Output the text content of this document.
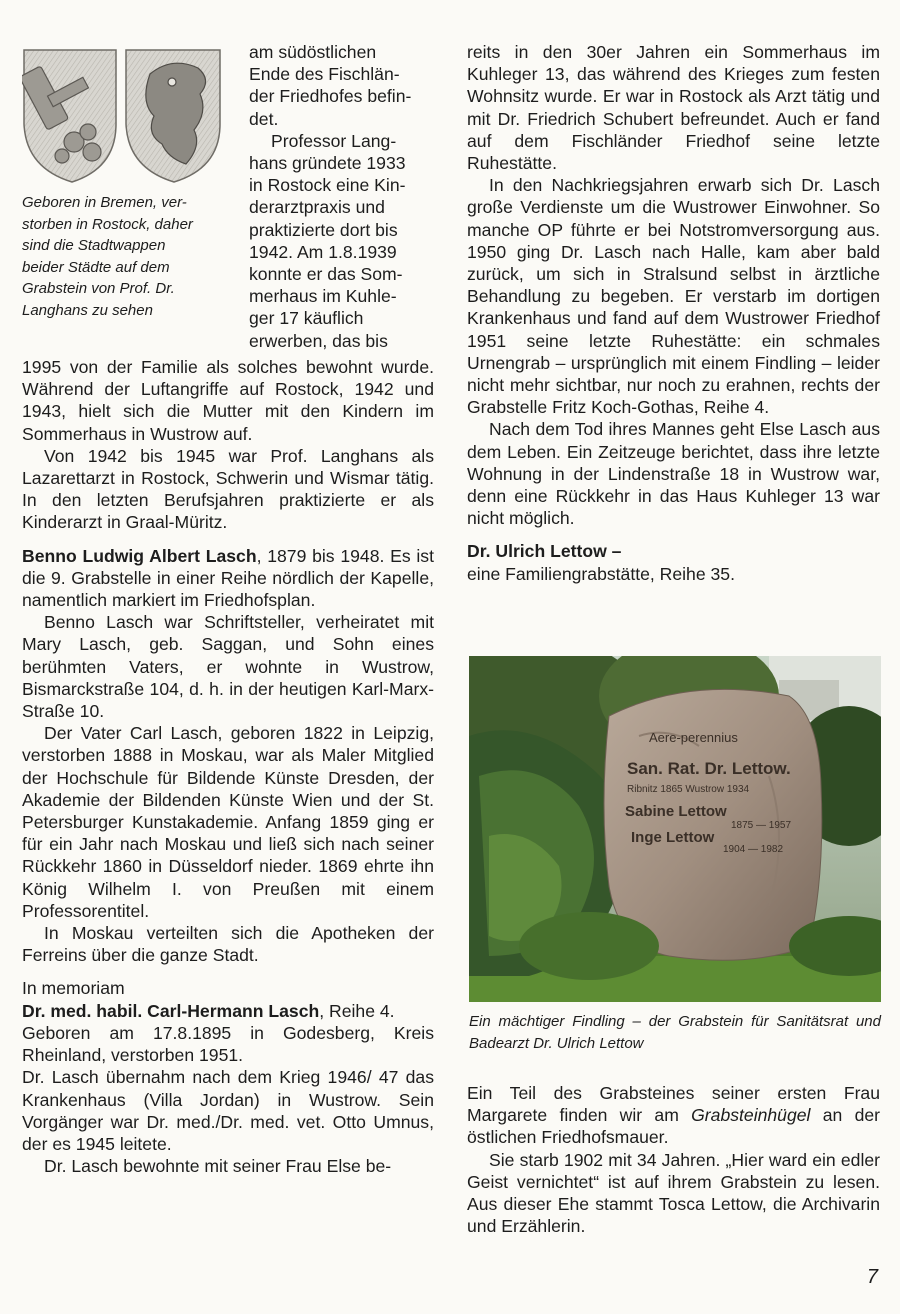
Geboren in Bremen, ver-
storben in Rostock, daher
sind die Stadtwappen
beider Städte auf dem
Grabstein von Prof. Dr.
Langhans zu sehen
am südöstlichen
Ende des Fischlän-
der Friedhofes befin-
det.
Professor Lang-
hans gründete 1933
in Rostock eine Kin-
derarztpraxis und
praktizierte dort bis
1942. Am 1.8.1939
konnte er das Som-
merhaus im Kuhle-
ger 17 käuflich
erwerben, das bis

1995 von der Familie als solches bewohnt wurde. Während der Luftangriffe auf Rostock, 1942 und 1943, hielt sich die Mutter mit den Kindern im Sommerhaus in Wustrow auf.

Von 1942 bis 1945 war Prof. Langhans als Lazarettarzt in Rostock, Schwerin und Wismar tätig. In den letzten Berufsjahren praktizierte er als Kinderarzt in Graal-Müritz.

Benno Ludwig Albert Lasch, 1879 bis 1948. Es ist die 9. Grabstelle in einer Reihe nördlich der Kapelle, namentlich markiert im Friedhofsplan.

Benno Lasch war Schriftsteller, verheiratet mit Mary Lasch, geb. Saggan, und Sohn eines berühmten Vaters, er wohnte in Wustrow, Bismarckstraße 104, d. h. in der heutigen Karl-Marx-Straße 10.

Der Vater Carl Lasch, geboren 1822 in Leipzig, verstorben 1888 in Moskau, war als Maler Mitglied der Hochschule für Bildende Künste Dresden, der Akademie der Bildenden Künste Wien und der St. Petersburger Kunstakademie. Anfang 1859 ging er für ein Jahr nach Moskau und ließ sich nach seiner Rückkehr 1860 in Düsseldorf nieder. 1869 ehrte ihn König Wilhelm I. von Preußen mit einem Professorentitel.

In Moskau verteilten sich die Apotheken der Ferreins über die ganze Stadt.

In memoriam

Dr. med. habil. Carl-Hermann Lasch, Reihe 4.

Geboren am 17.8.1895 in Godesberg, Kreis Rheinland, verstorben 1951.

Dr. Lasch übernahm nach dem Krieg 1946/ 47 das Krankenhaus (Villa Jordan) in Wustrow. Sein Vorgänger war Dr. med./Dr. med. vet. Otto Umnus, der es 1945 leitete.

Dr. Lasch bewohnte mit seiner Frau Else be-

reits in den 30er Jahren ein Sommerhaus im Kuhleger 13, das während des Krieges zum festen Wohnsitz wurde. Er war in Rostock als Arzt tätig und mit Dr. Friedrich Schubert befreundet. Auch er fand auf dem Fischländer Friedhof seine letzte Ruhestätte.

In den Nachkriegsjahren erwarb sich Dr. Lasch große Verdienste um die Wustrower Einwohner. So manche OP führte er bei Notstromversorgung aus. 1950 ging Dr. Lasch nach Halle, kam aber bald zurück, um sich in Stralsund selbst in ärztliche Behandlung zu begeben. Er verstarb im dortigen Krankenhaus und fand auf dem Wustrower Friedhof 1951 seine letzte Ruhestätte: ein schmales Urnengrab – ursprünglich mit einem Findling – leider nicht mehr sichtbar, nur noch zu erahnen, rechts der Grabstelle Fritz Koch-Gothas, Reihe 4.

Nach dem Tod ihres Mannes geht Else Lasch aus dem Leben. Ein Zeitzeuge berichtet, dass ihre letzte Wohnung in der Lindenstraße 18 in Wustrow war, denn eine Rückkehr in das Haus Kuhleger 13 war nicht möglich.

Dr. Ulrich Lettow –

eine Familiengrabstätte, Reihe 35.

Aere-perennius
San. Rat. Dr. Lettow.
Ribnitz 1865 Wustrow 1934
Sabine Lettow
1875 — 1957
Inge Lettow
1904 — 1982

Ein mächtiger Findling – der Grabstein für Sanitätsrat und Badearzt Dr. Ulrich Lettow

Ein Teil des Grabsteines seiner ersten Frau Margarete finden wir am Grabsteinhügel an der östlichen Friedhofsmauer.

Sie starb 1902 mit 34 Jahren. „Hier ward ein edler Geist vernichtet“ ist auf ihrem Grabstein zu lesen. Aus dieser Ehe stammt Tosca Lettow, die Archivarin und Erzählerin.

7
